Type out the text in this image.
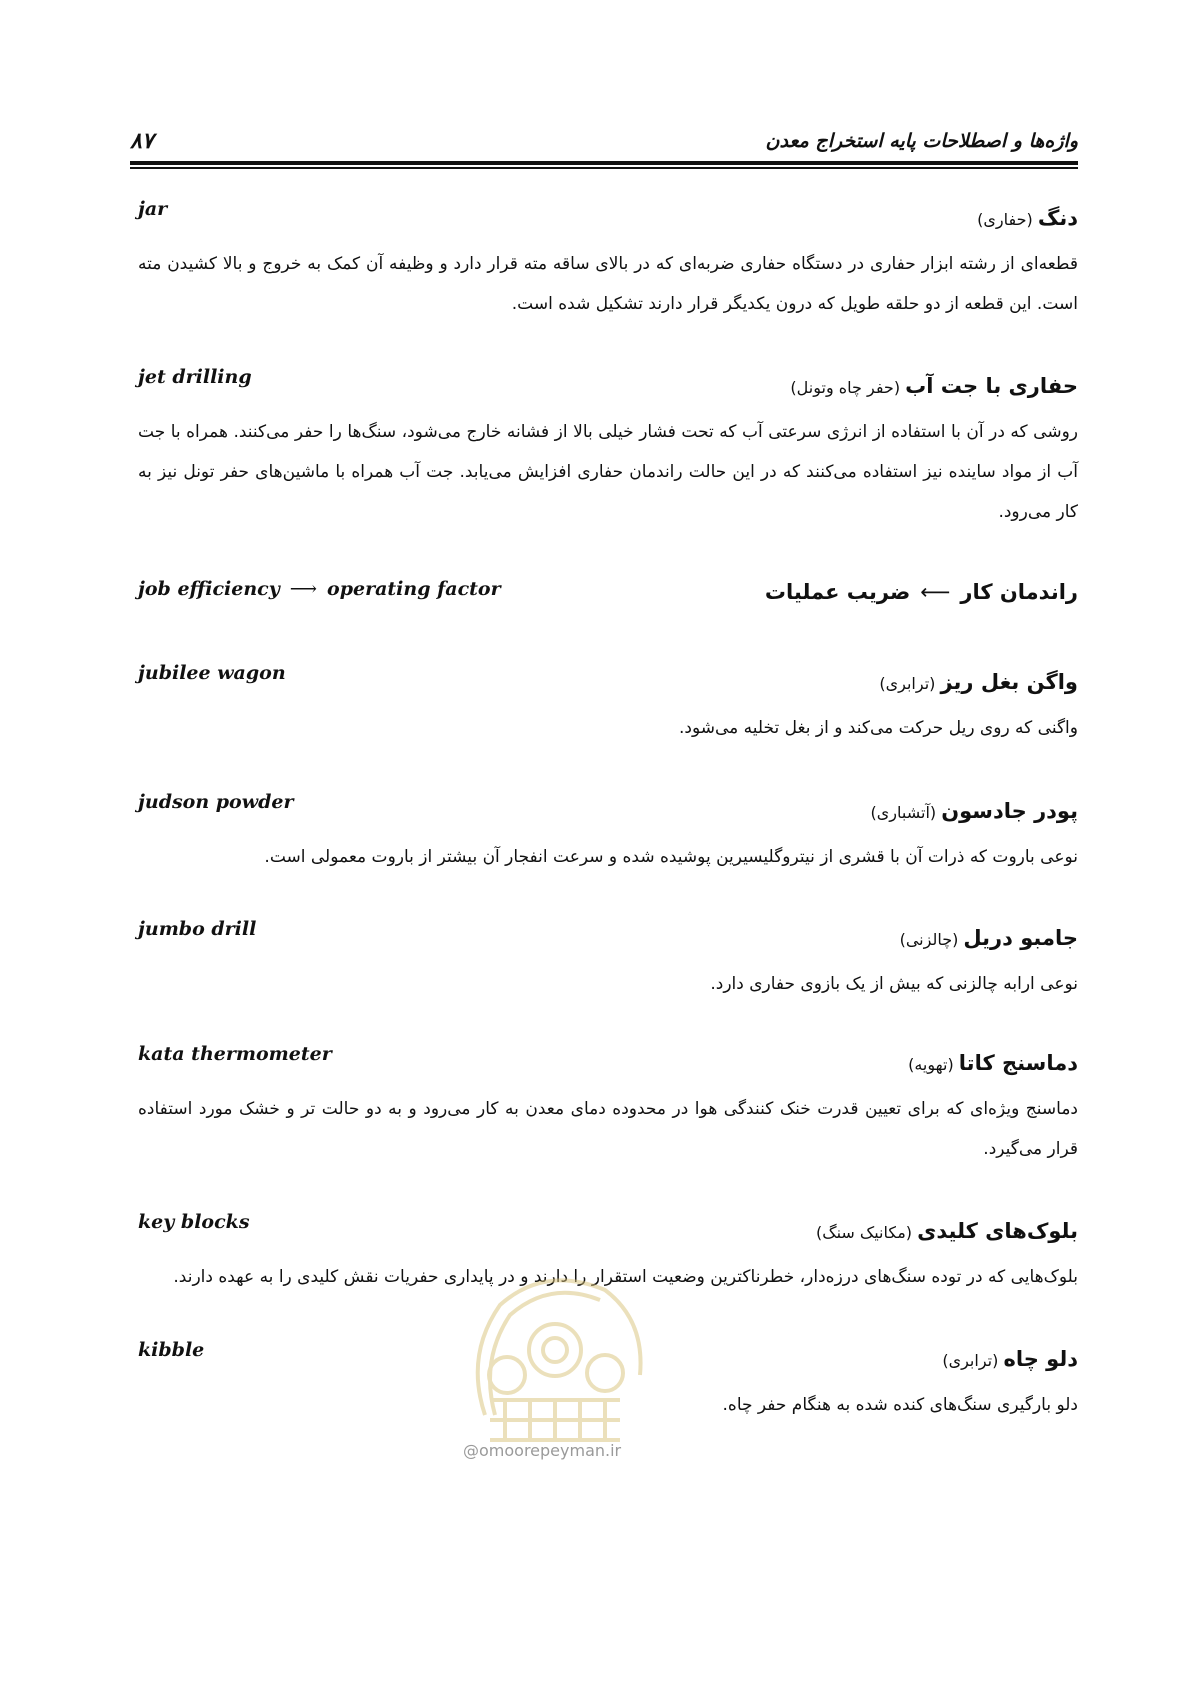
۸۷	واژه‌ها و اصطلاحات پایه استخراج معدن
jar	دنگ (حفاری)
قطعه‌ای از رشته ابزار حفاری در دستگاه حفاری ضربه‌ای که در بالای ساقه مته قرار دارد و وظیفه آن کمک به خروج و بالا کشیدن مته است. این قطعه از دو حلقه طویل که درون یکدیگر قرار دارند تشکیل شده است.
jet drilling	حفاری با جت آب (حفر چاه وتونل)
روشی که در آن با استفاده از انرژی سرعتی آب که تحت فشار خیلی بالا از فشانه خارج می‌شود، سنگ‌ها را حفر می‌کنند. همراه با جت آب از مواد ساینده نیز استفاده می‌کنند که در این حالت راندمان حفاری افزایش می‌یابد. جت آب همراه با ماشین‌های حفر تونل نیز به کار می‌رود.
job efficiency ⟶ operating factor	راندمان کار⟵ضریب عملیات
jubilee wagon	واگن بغل ریز (ترابری)
واگنی که روی ریل حرکت می‌کند و از بغل تخلیه می‌شود.
judson powder	پودر جادسون (آتشباری)
نوعی باروت که ذرات آن با قشری از نیتروگلیسیرین پوشیده شده و سرعت انفجار آن بیشتر از باروت معمولی است.
jumbo drill	جامبو دریل (چالزنی)
نوعی ارابه چالزنی که بیش از یک بازوی حفاری دارد.
kata thermometer	دماسنج کاتا (تهویه)
دماسنج ویژه‌ای که برای تعیین قدرت خنک کنندگی هوا در محدوده دمای معدن به کار می‌رود و به دو حالت تر و خشک مورد استفاده قرار می‌گیرد.
key blocks	بلوک‌های کلیدی (مکانیک سنگ)
بلوک‌هایی که در توده سنگ‌های درزه‌دار، خطرناکترین وضعیت استقرار را دارند و در پایداری حفریات نقش کلیدی را به عهده دارند.
kibble	دلو چاه (ترابری)
دلو بارگیری سنگ‌های کنده شده به هنگام حفر چاه.
@omoorepeyman.ir
